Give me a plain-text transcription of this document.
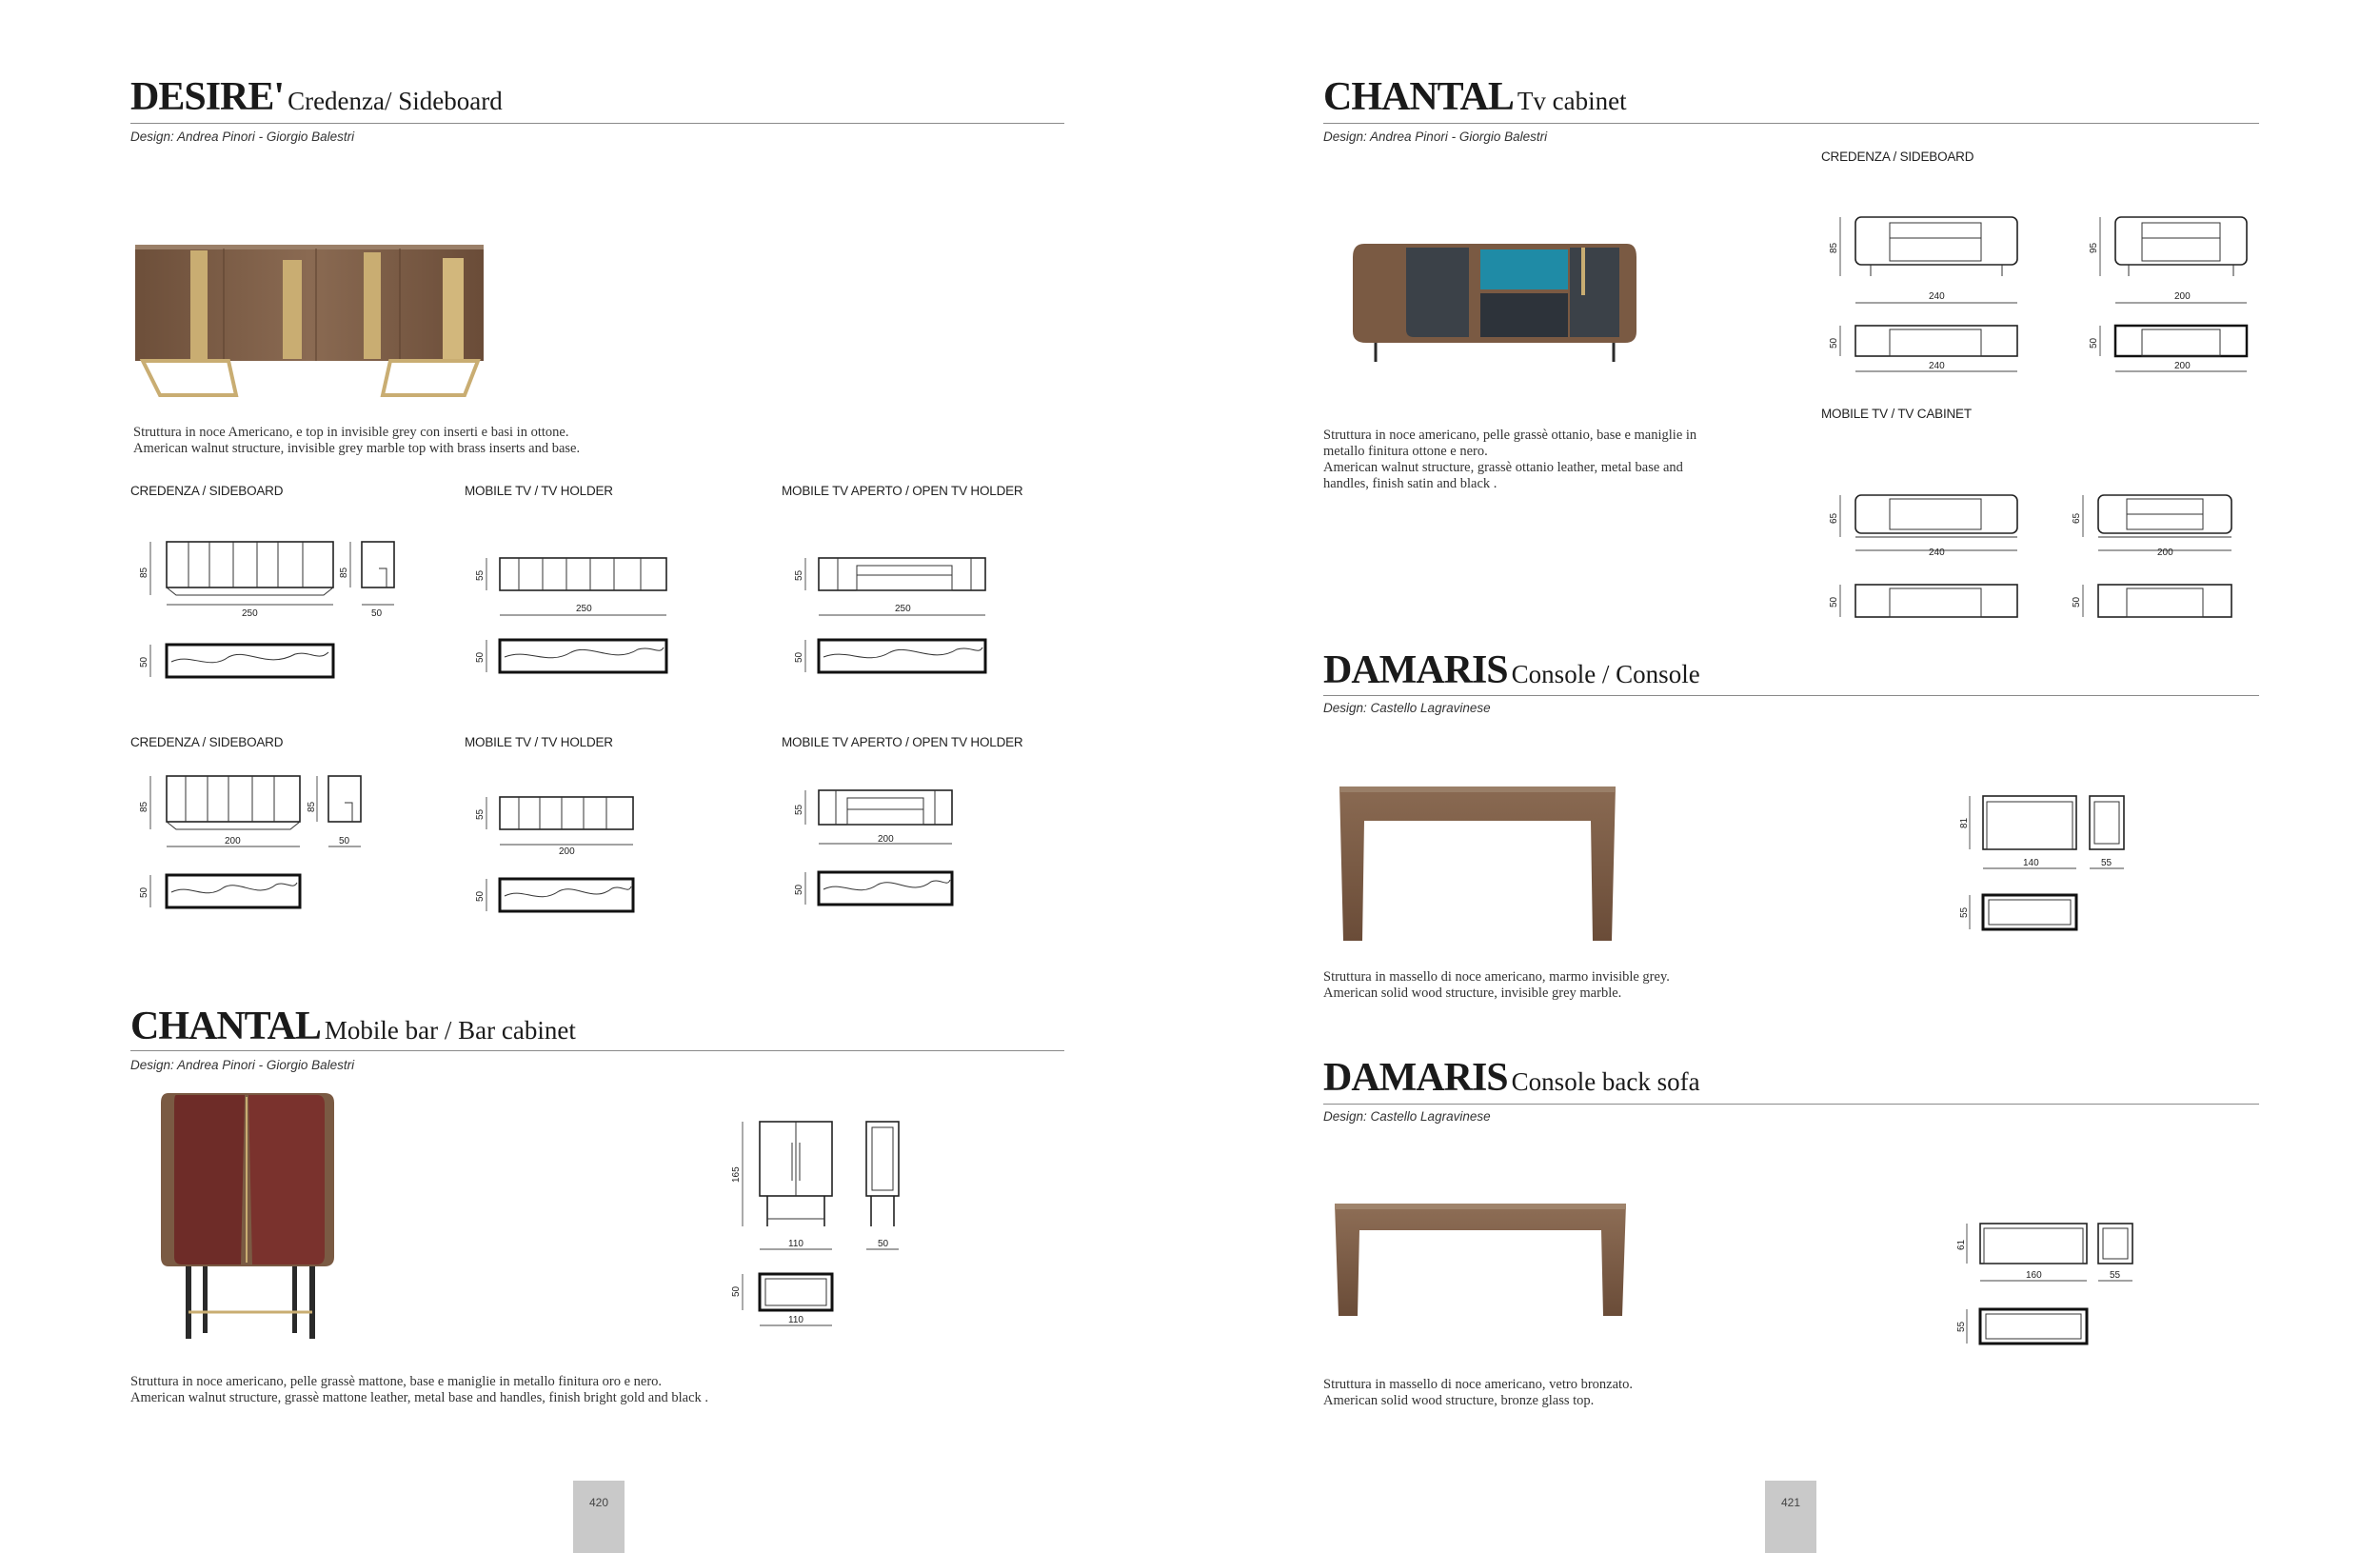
DESIRE' Credenza/ Sideboard
Design: Andrea Pinori - Giorgio Balestri
Struttura in noce Americano, e top in invisible grey con inserti e basi in ottone.
American walnut structure, invisible grey marble top with brass inserts and base.
CREDENZA / SIDEBOARD	MOBILE TV / TV HOLDER	MOBILE TV APERTO / OPEN TV HOLDER
85
250
85
50
50
55
250
50
55
250
50
CREDENZA / SIDEBOARD	MOBILE TV / TV HOLDER	MOBILE TV APERTO / OPEN TV HOLDER
85
200
85
50
50
55
200
50
55
200
50
CHANTAL Mobile bar / Bar cabinet
Design: Andrea Pinori - Giorgio Balestri
165
110	50
50
110
Struttura in noce americano, pelle grassè mattone, base e maniglie in metallo finitura oro e nero.
American walnut structure, grassè mattone leather, metal base and handles, finish bright gold and black .
420
CHANTAL Tv cabinet
Design: Andrea Pinori - Giorgio Balestri
Struttura in noce americano, pelle grassè ottanio, base e maniglie in
metallo finitura ottone e nero.
American walnut structure, grassè ottanio leather, metal base and
handles, finish satin and black .
CREDENZA / SIDEBOARD
MOBILE TV / TV CABINET
85
240
50
240
95
200
50
200
65
240
50
65
200
50
DAMARIS Console / Console
Design: Castello Lagravinese
81
140	55
55
Struttura in massello di noce americano, marmo invisible grey.
American solid wood structure, invisible grey marble.
DAMARIS Console back sofa
Design: Castello Lagravinese
61
160	55
55
Struttura in massello di noce americano, vetro bronzato.
American solid wood structure, bronze glass top.
421
